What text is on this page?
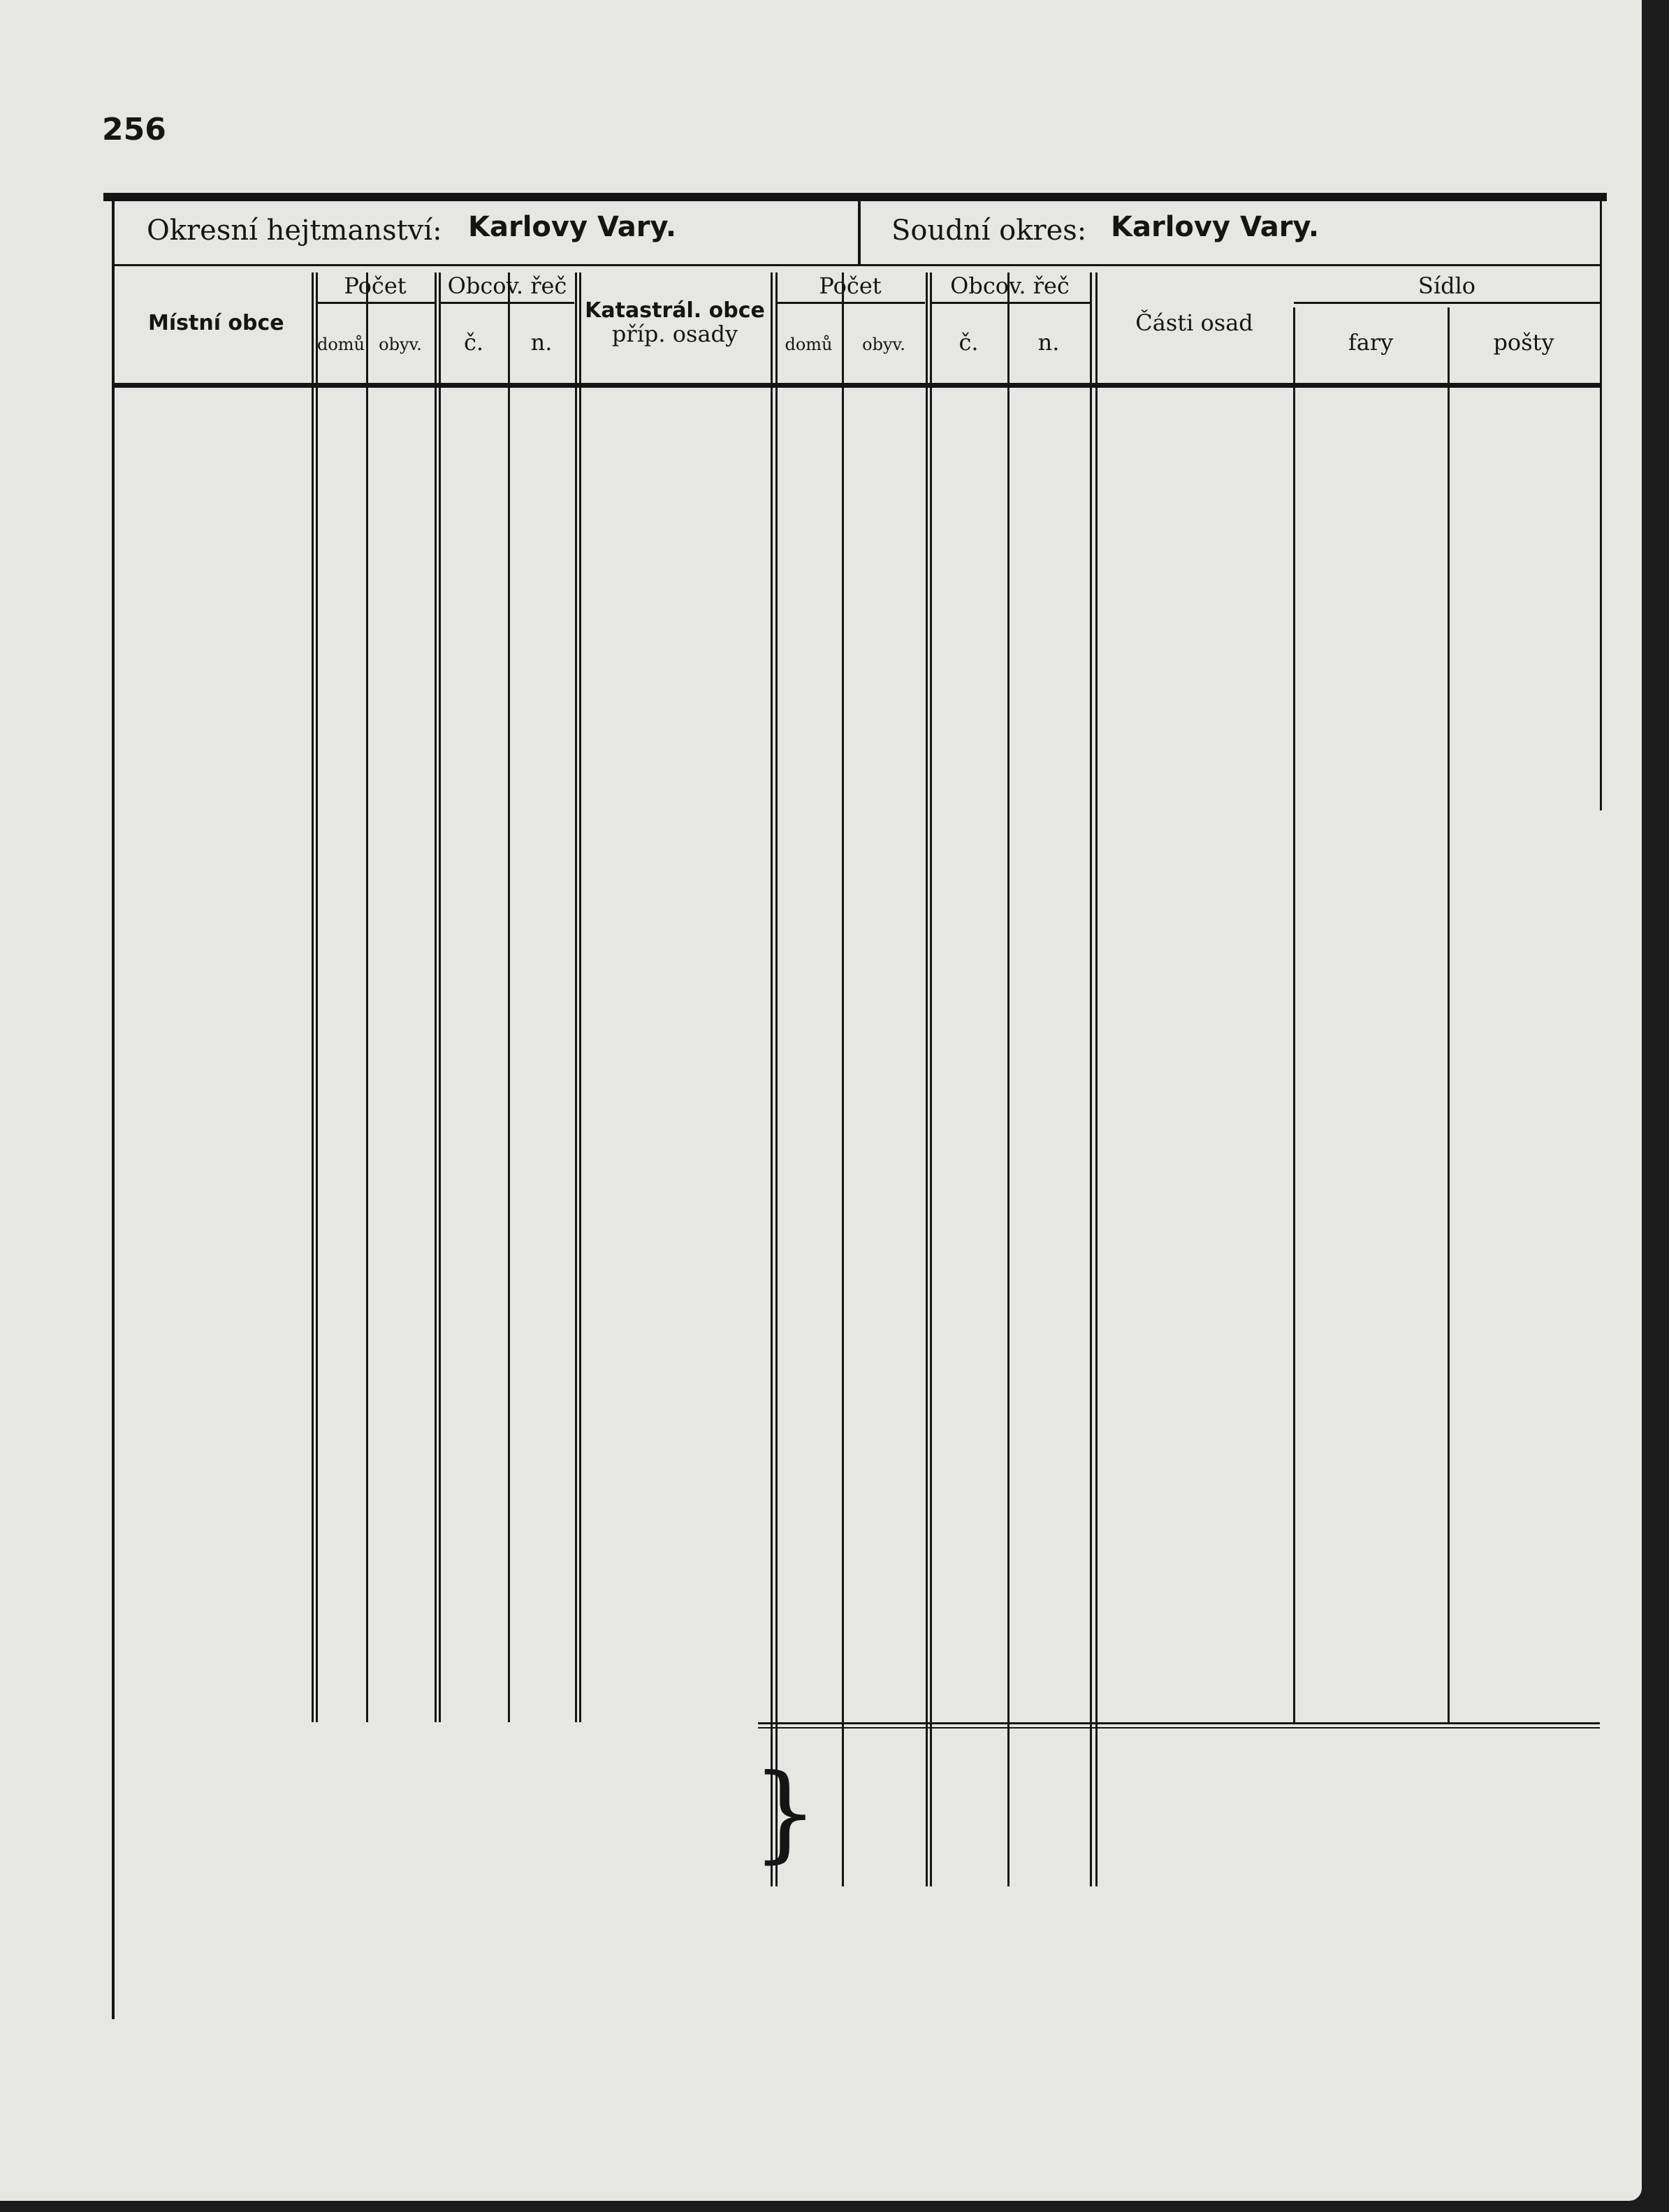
256
Okresní hejtmanství: Karlovy Vary.	Soudní okres: Karlovy Vary.
Místní obce
Počet	Obcov. řeč
domů obyv.	č.	n.
Katastrál. obce
příp. osady
Počet	Obcov. řeč
domů	obyv.	č.	n.
Části osad
Sídlo
fary	pošty
}
